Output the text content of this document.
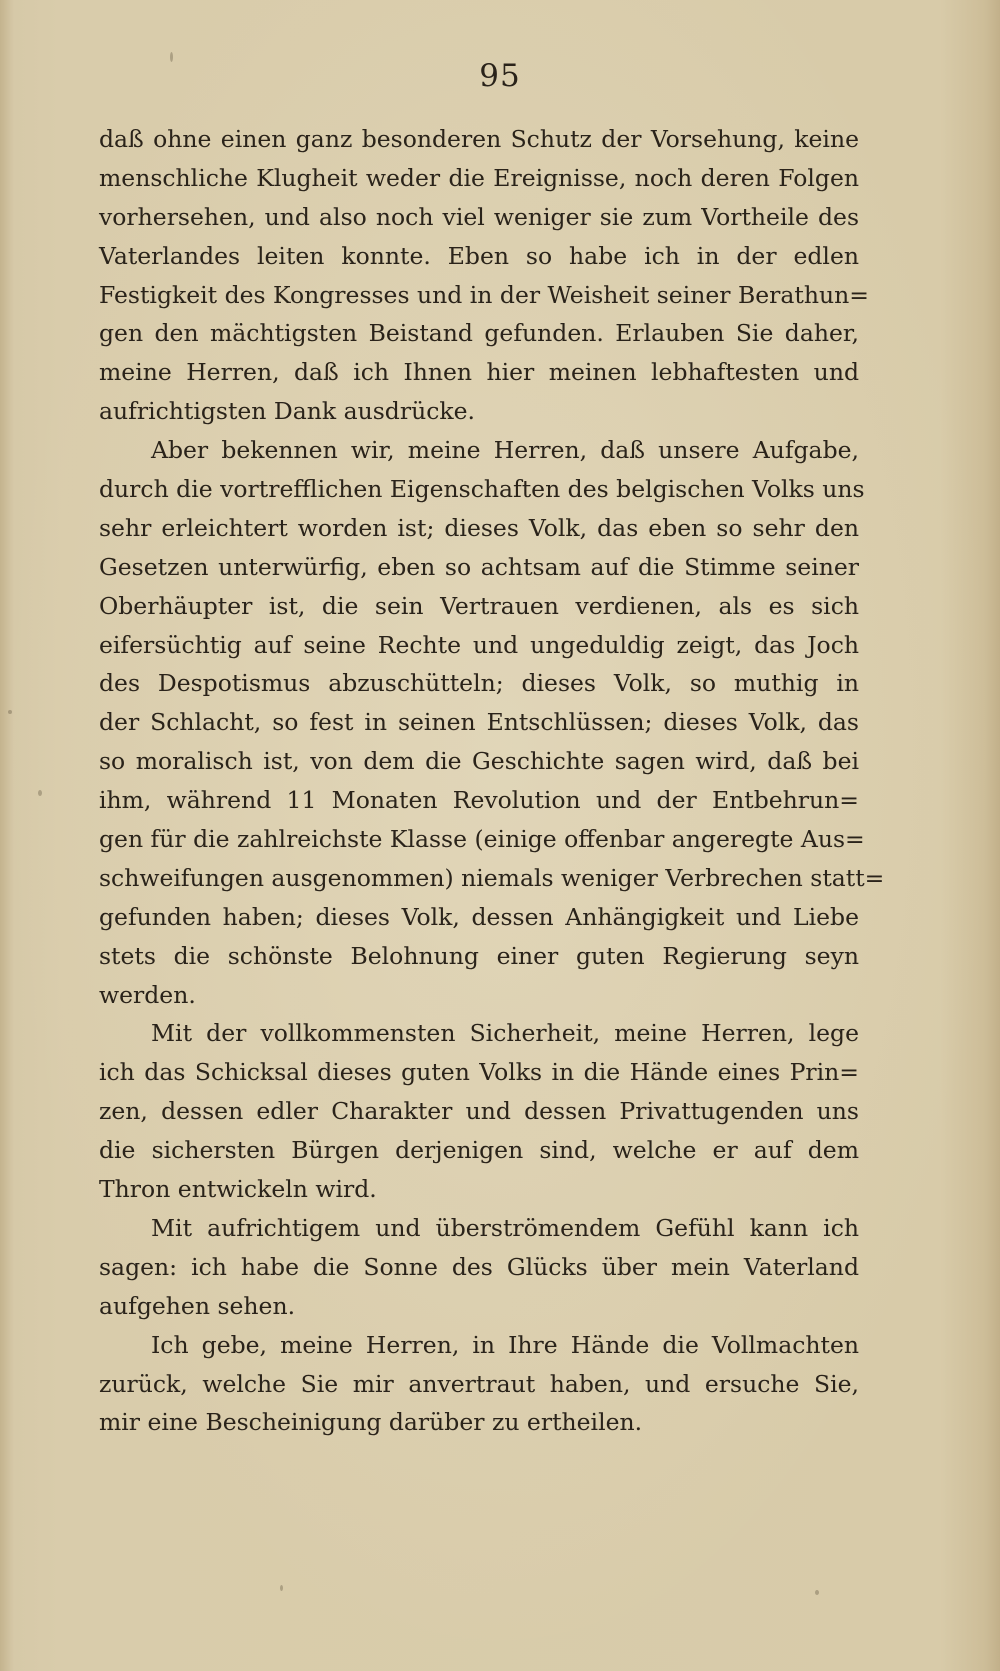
95
daß ohne einen ganz besonderen Schutz der Vorsehung, keine
menschliche Klugheit weder die Ereignisse, noch deren Folgen
vorhersehen, und also noch viel weniger sie zum Vortheile des
Vaterlandes leiten konnte. Eben so habe ich in der edlen
Festigkeit des Kongresses und in der Weisheit seiner Berathun=
gen den mächtigsten Beistand gefunden. Erlauben Sie daher,
meine Herren, daß ich Ihnen hier meinen lebhaftesten und
aufrichtigsten Dank ausdrücke.
Aber bekennen wir, meine Herren, daß unsere Aufgabe,
durch die vortrefflichen Eigenschaften des belgischen Volks uns
sehr erleichtert worden ist; dieses Volk, das eben so sehr den
Gesetzen unterwürfig, eben so achtsam auf die Stimme seiner
Oberhäupter ist, die sein Vertrauen verdienen, als es sich
eifersüchtig auf seine Rechte und ungeduldig zeigt, das Joch
des Despotismus abzuschütteln; dieses Volk, so muthig in
der Schlacht, so fest in seinen Entschlüssen; dieses Volk, das
so moralisch ist, von dem die Geschichte sagen wird, daß bei
ihm, während 11 Monaten Revolution und der Entbehrun=
gen für die zahlreichste Klasse (einige offenbar angeregte Aus=
schweifungen ausgenommen) niemals weniger Verbrechen statt=
gefunden haben; dieses Volk, dessen Anhängigkeit und Liebe
stets die schönste Belohnung einer guten Regierung seyn
werden.
Mit der vollkommensten Sicherheit, meine Herren, lege
ich das Schicksal dieses guten Volks in die Hände eines Prin=
zen, dessen edler Charakter und dessen Privattugenden uns
die sichersten Bürgen derjenigen sind, welche er auf dem
Thron entwickeln wird.
Mit aufrichtigem und überströmendem Gefühl kann ich
sagen: ich habe die Sonne des Glücks über mein Vaterland
aufgehen sehen.
Ich gebe, meine Herren, in Ihre Hände die Vollmachten
zurück, welche Sie mir anvertraut haben, und ersuche Sie,
mir eine Bescheinigung darüber zu ertheilen.
